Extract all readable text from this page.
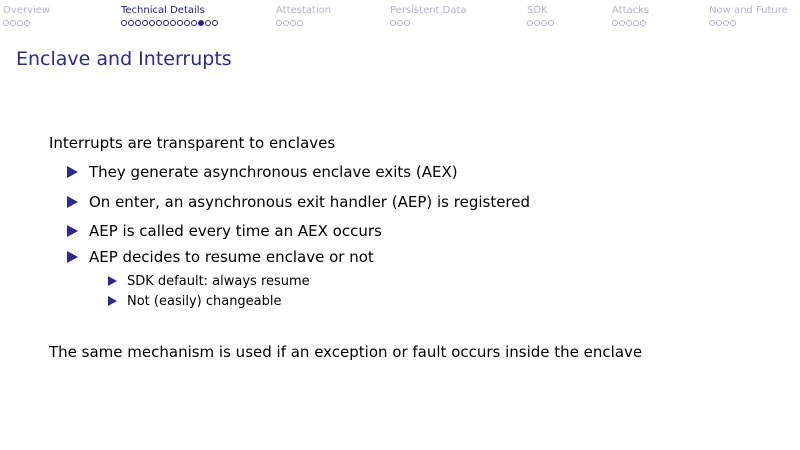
Overview	Technical Details	Attestation	Persistent Data	SDK	Attacks	Now and Future
Enclave and Interrupts
Interrupts are transparent to enclaves
They generate asynchronous enclave exits (AEX)
On enter, an asynchronous exit handler (AEP) is registered
AEP is called every time an AEX occurs
AEP decides to resume enclave or not
SDK default: always resume
Not (easily) changeable
The same mechanism is used if an exception or fault occurs inside the enclave
